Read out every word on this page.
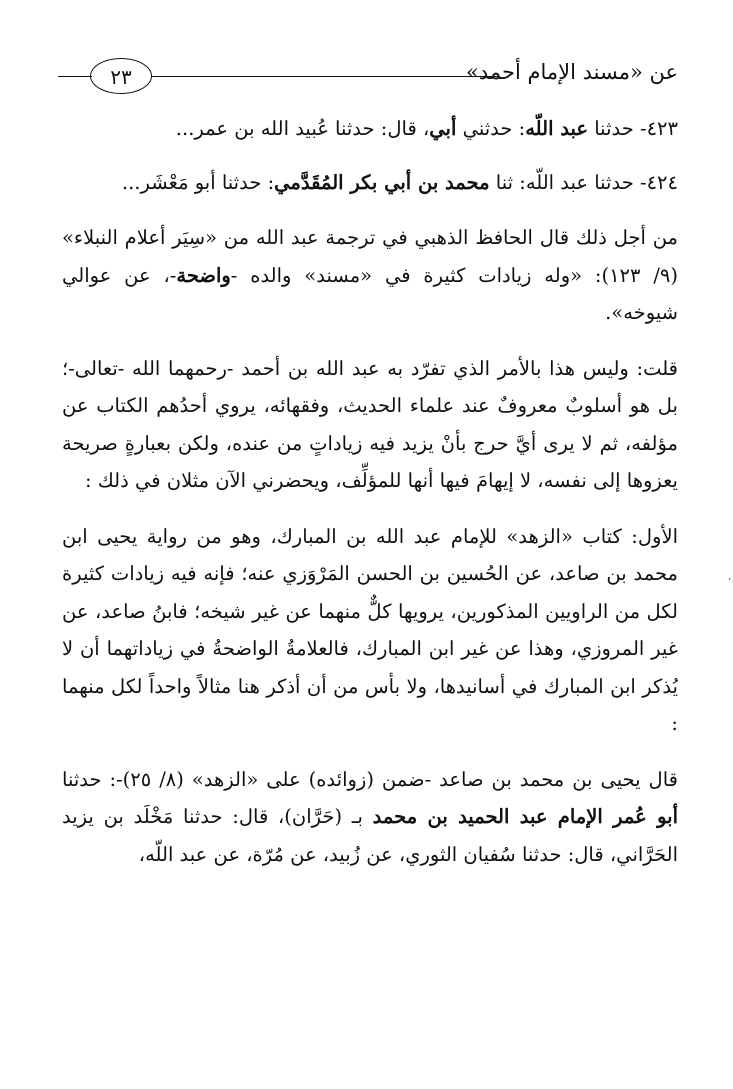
عن «مسند الإمام أحمد»
٢٣

٤٢٣- حدثنا عبد اللّه: حدثني أبي، قال: حدثنا عُبيد الله بن عمر...

٤٢٤- حدثنا عبد اللّه: ثنا محمد بن أبي بكر المُقَدَّمي: حدثنا أبو مَعْشَر...

من أجل ذلك قال الحافظ الذهبي في ترجمة عبد الله من «سِيَر أعلام النبلاء» (٩/ ١٢٣): «وله زيادات كثيرة في «مسند» والده -واضحة-، عن عوالي شيوخه».

قلت: وليس هذا بالأمر الذي تفرّد به عبد الله بن أحمد -رحمهما الله -تعالى-؛ بل هو أسلوبٌ معروفٌ عند علماء الحديث، وفقهائه، يروي أحدُهم الكتاب عن مؤلفه، ثم لا يرى أيَّ حرج بأنْ يزيد فيه زياداتٍ من عنده، ولكن بعبارةٍ صريحة يعزوها إلى نفسه، لا إيهامَ فيها أنها للمؤلِّف، ويحضرني الآن مثلان في ذلك :

الأول: كتاب «الزهد» للإمام عبد الله بن المبارك، وهو من رواية يحيى ابن محمد بن صاعد، عن الحُسين بن الحسن المَرْوَزي عنه؛ فإنه فيه زيادات كثيرة لكل من الراويين المذكورين، يرويها كلٌّ منهما عن غير شيخه؛ فابنُ صاعد، عن غير المروزي، وهذا عن غير ابن المبارك، فالعلامةُ الواضحةُ في زياداتهما أن لا يُذكر ابن المبارك في أسانيدها، ولا بأس من أن أذكر هنا مثالاً واحداً لكل منهما :

قال يحيى بن محمد بن صاعد -ضمن (زوائده) على «الزهد» (٨/ ٢٥)-: حدثنا أبو عُمر الإمام عبد الحميد بن محمد بـ (حَرَّان)، قال: حدثنا مَخْلَد بن يزيد الحَرَّاني، قال: حدثنا سُفيان الثوري، عن زُبيد، عن مُرّة، عن عبد اللّه،

٬
